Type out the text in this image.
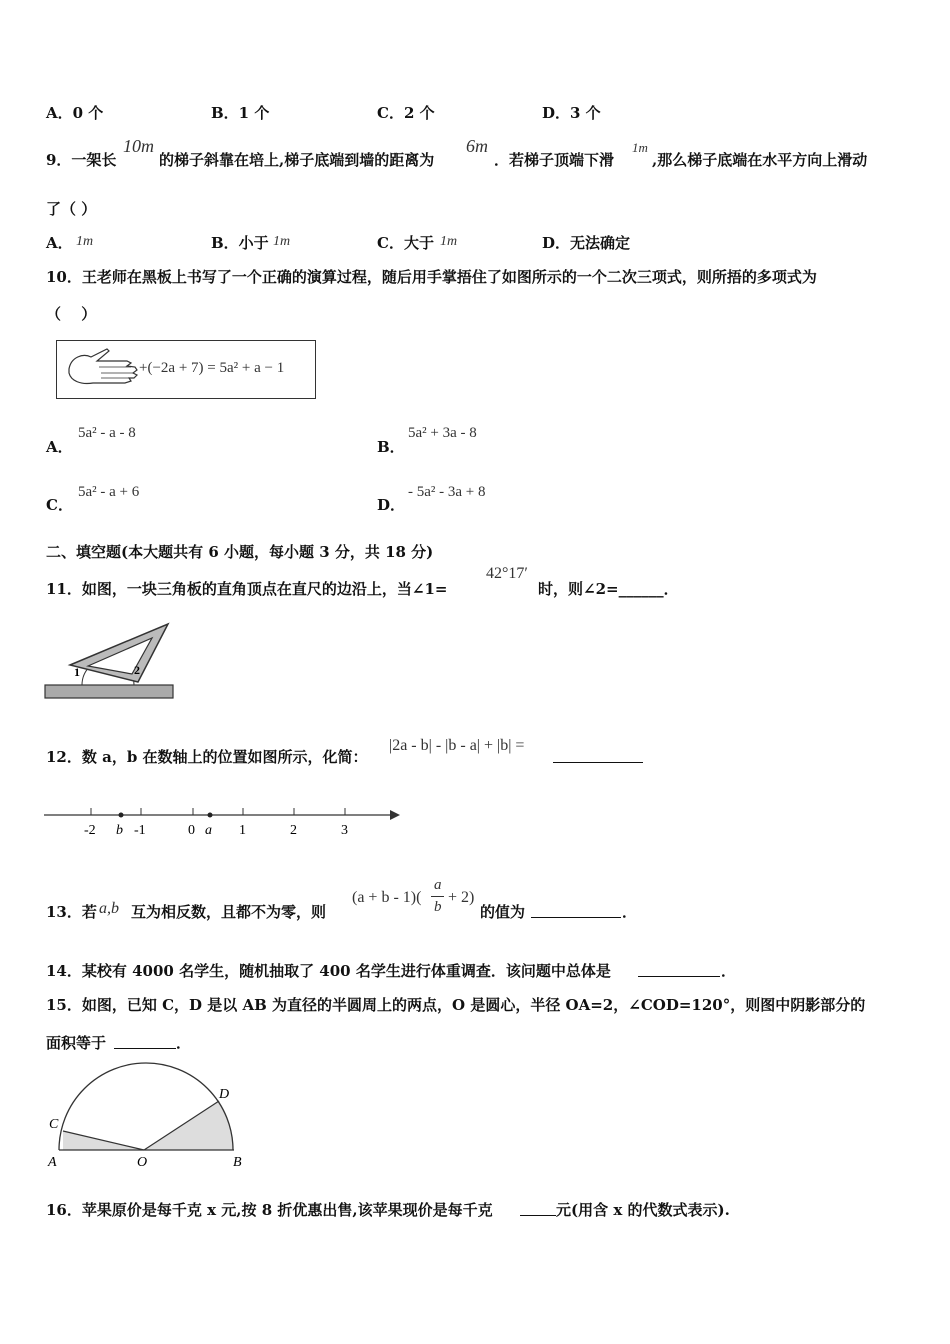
A．0 个	B．1 个	C．2 个	D．3 个
9．一架长
10m
的梯子斜靠在培上,梯子底端到墙的距离为
6m
．若梯子顶端下滑
1m
,那么梯子底端在水平方向上滑动
了（ ）
A． 1m	B．小于 1m	C．大于 1m	D．无法确定
10．王老师在黑板上书写了一个正确的演算过程，随后用手掌捂住了如图所示的一个二次三项式，则所捂的多项式为
（　 ）
+(−2a + 7) = 5a² + a − 1
A．
5a² - a - 8
B．
5a² + 3a - 8
C．
5a² - a + 6
D．
- 5a² - 3a + 8
二、填空题(本大题共有 6 小题，每小题 3 分，共 18 分)
11．如图，一块三角板的直角顶点在直尺的边沿上，当∠1=
42°17′
时，则∠2=______．
1	2
12．数 a，b 在数轴上的位置如图所示，化简：
|2a - b| - |b - a| + |b| =
-2 b -1	0 a 1	2	3
13．若 a,b 互为相反数，且都不为零，则
(a + b - 1)(
a
b
+ 2)
的值为	．
14．某校有 4000 名学生，随机抽取了 400 名学生进行体重调查．该问题中总体是	．
15．如图，已知 C，D 是以 AB 为直径的半圆周上的两点，O 是圆心，半径 OA=2，∠COD=120°，则图中阴影部分的
面积等于	．
C
D
A	O	B
16．苹果原价是每千克 x 元,按 8 折优惠出售,该苹果现价是每千克	元(用含 x 的代数式表示).
